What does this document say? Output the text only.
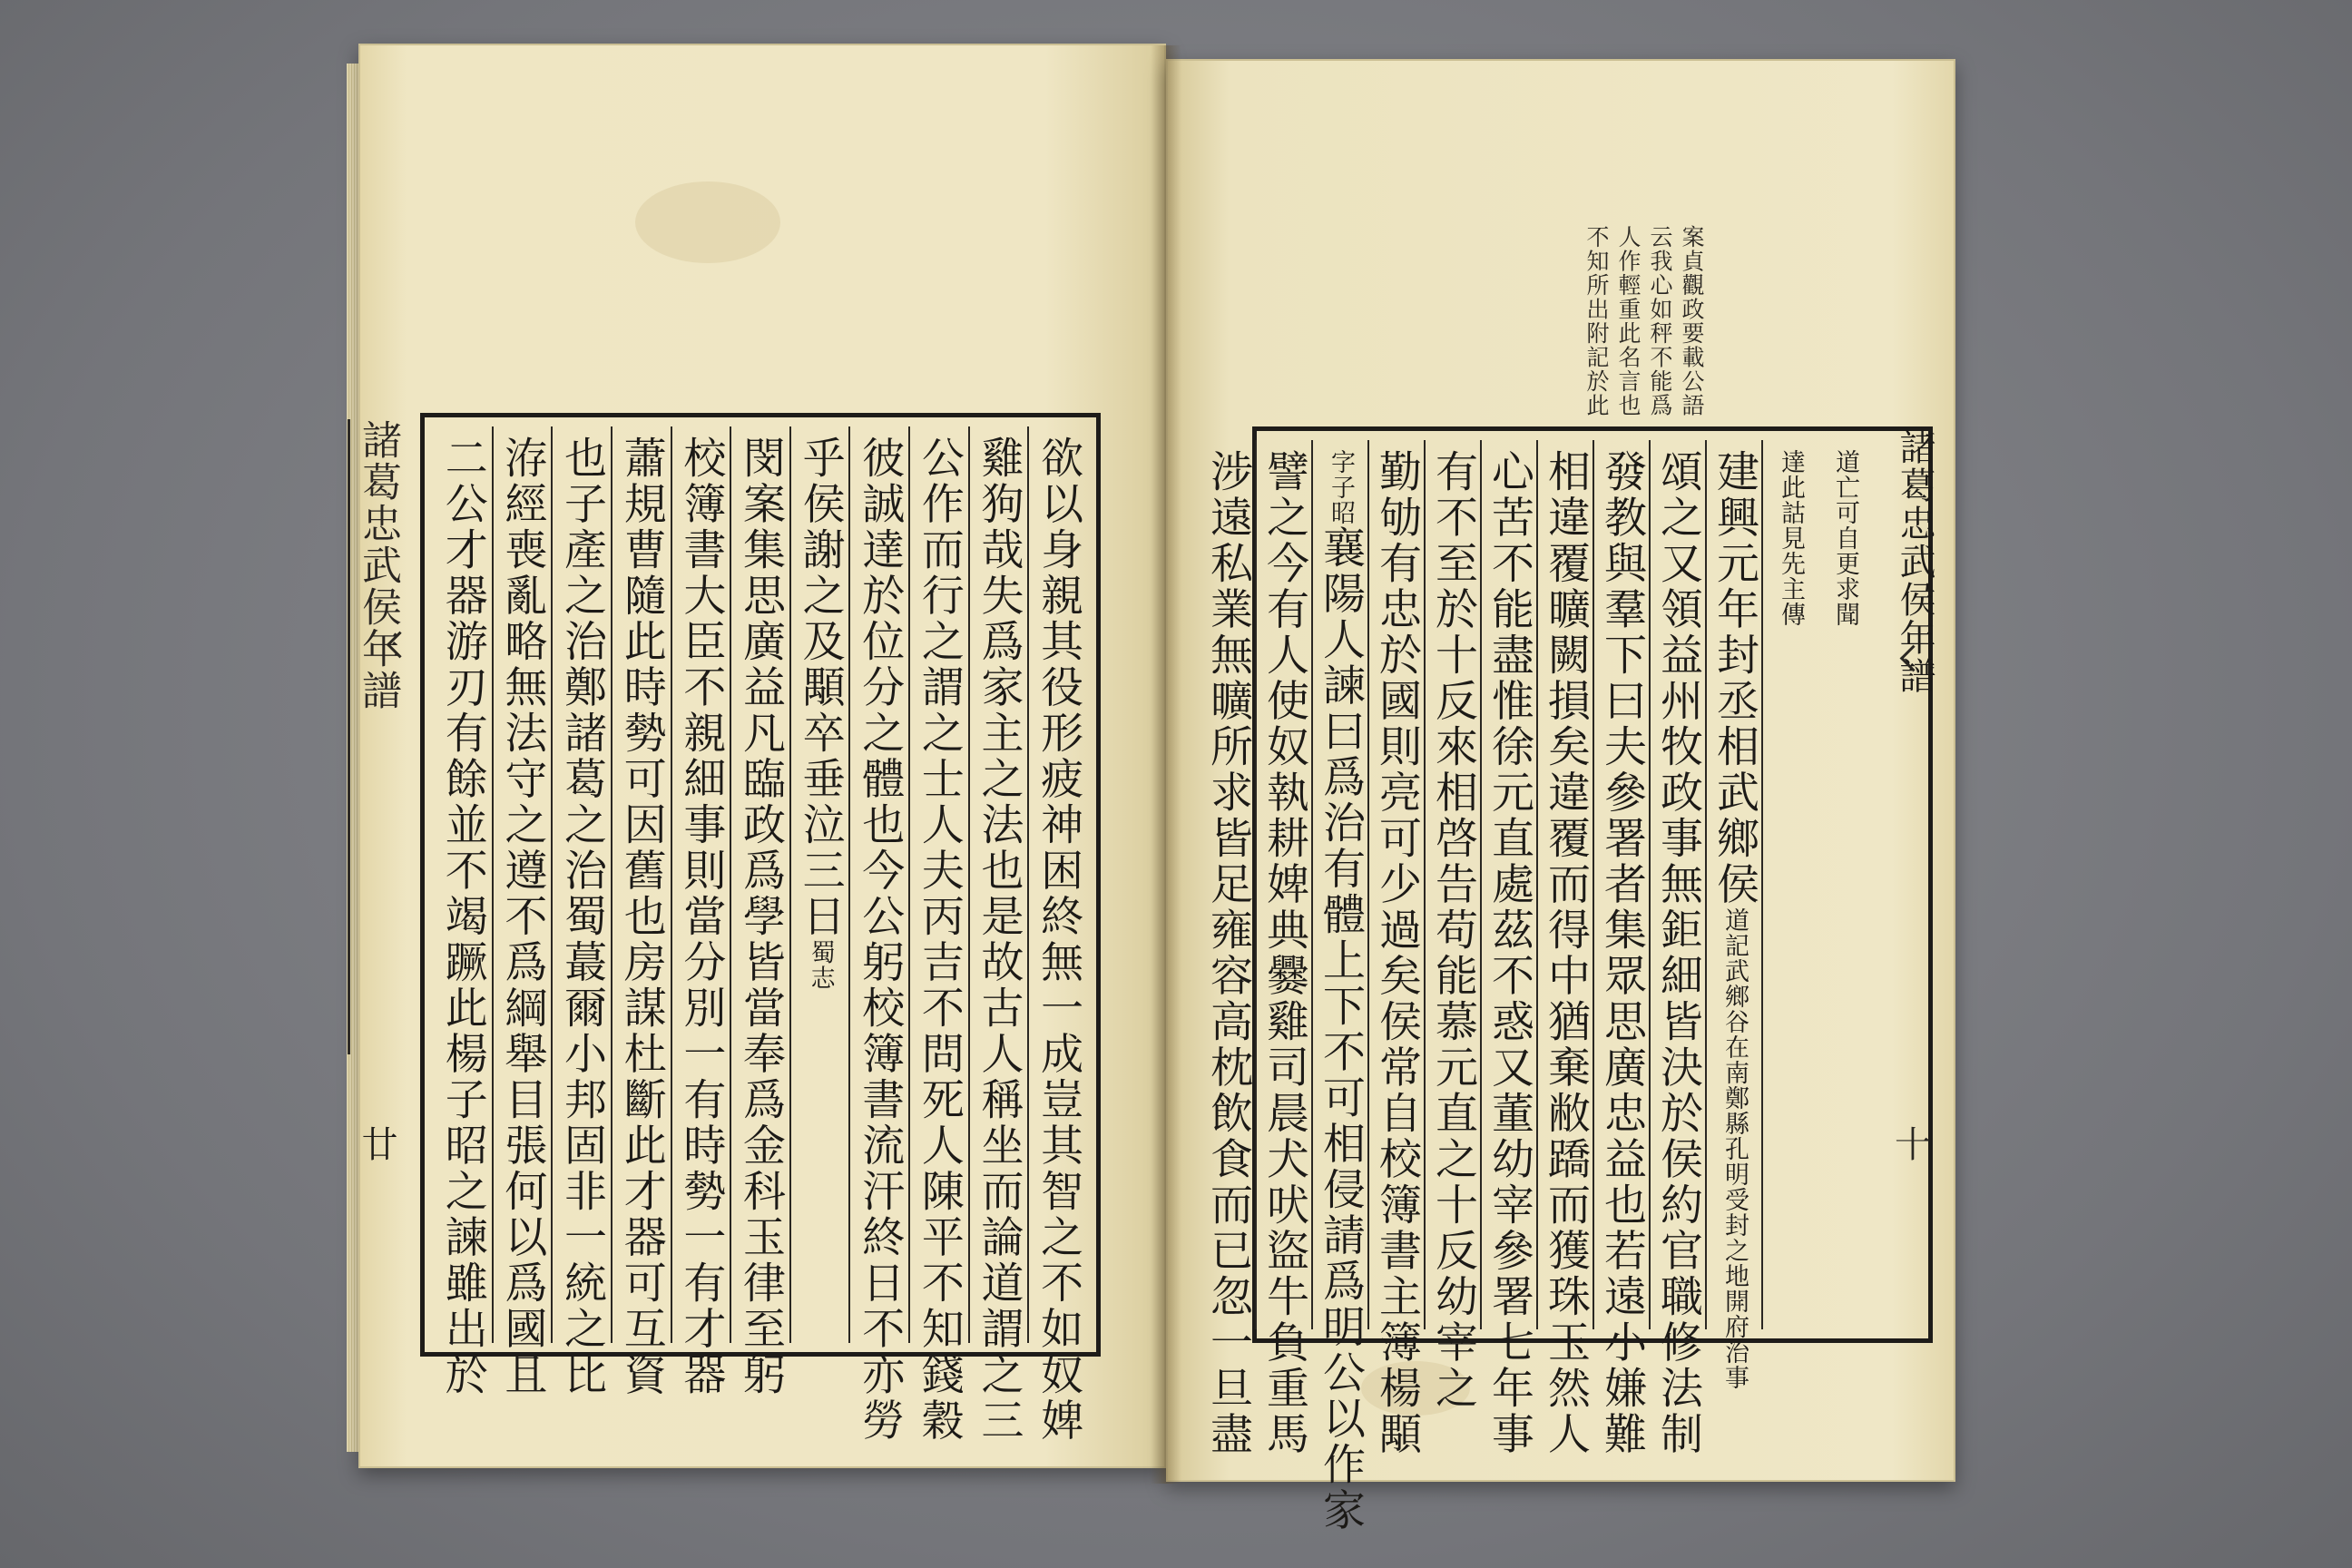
諸葛忠武侯年譜
廿	欲以身親其役形疲神困終無一成豈其智之不如奴婢
雞狗哉失爲家主之法也是故古人稱坐而論道謂之三
公作而行之謂之士人夫丙吉不問死人陳平不知錢穀
彼誠達於位分之體也今公躬校簿書流汗終日不亦勞
乎侯謝之及顒卒垂泣三日蜀志
閔案集思廣益凡臨政爲學皆當奉爲金科玉律至躬
校簿書大臣不親細事則當分別一有時勢一有才器
蕭規曹隨此時勢可因舊也房謀杜斷此才器可互資
也子產之治鄭諸葛之治蜀蕞爾小邦固非一統之比
洊經喪亂略無法守之遵不爲綱舉目張何以爲國且
二公才器游刃有餘並不竭蹶此楊子昭之諫雖出於
案貞觀政要載公語
云我心如秤不能爲
人作輕重此名言也
不知所出附記於此
道亡可自更求聞
達此詁見先主傳
建興元年封丞相武鄉侯道記武鄉谷在南鄭縣孔明受封之地開府治事
頌之又領益州牧政事無鉅細皆決於侯約官職修法制
發教與羣下曰夫參署者集眾思廣忠益也若遠小嫌難
相違覆曠闕損矣違覆而得中猶棄敝蹻而獲珠玉然人
心苦不能盡惟徐元直處茲不惑又董幼宰參署七年事
有不至於十反來相啓告苟能慕元直之十反幼宰之
勤劬有忠於國則亮可少過矣侯常自校簿書主簿楊顒
字子昭襄陽人諫曰爲治有體上下不可相侵請爲明公以作家
譬之今有人使奴執耕婢典爨雞司晨犬吠盜牛負重馬
涉遠私業無曠所求皆足雍容高枕飲食而已忽一旦盡	諸葛忠武侯年譜
十
